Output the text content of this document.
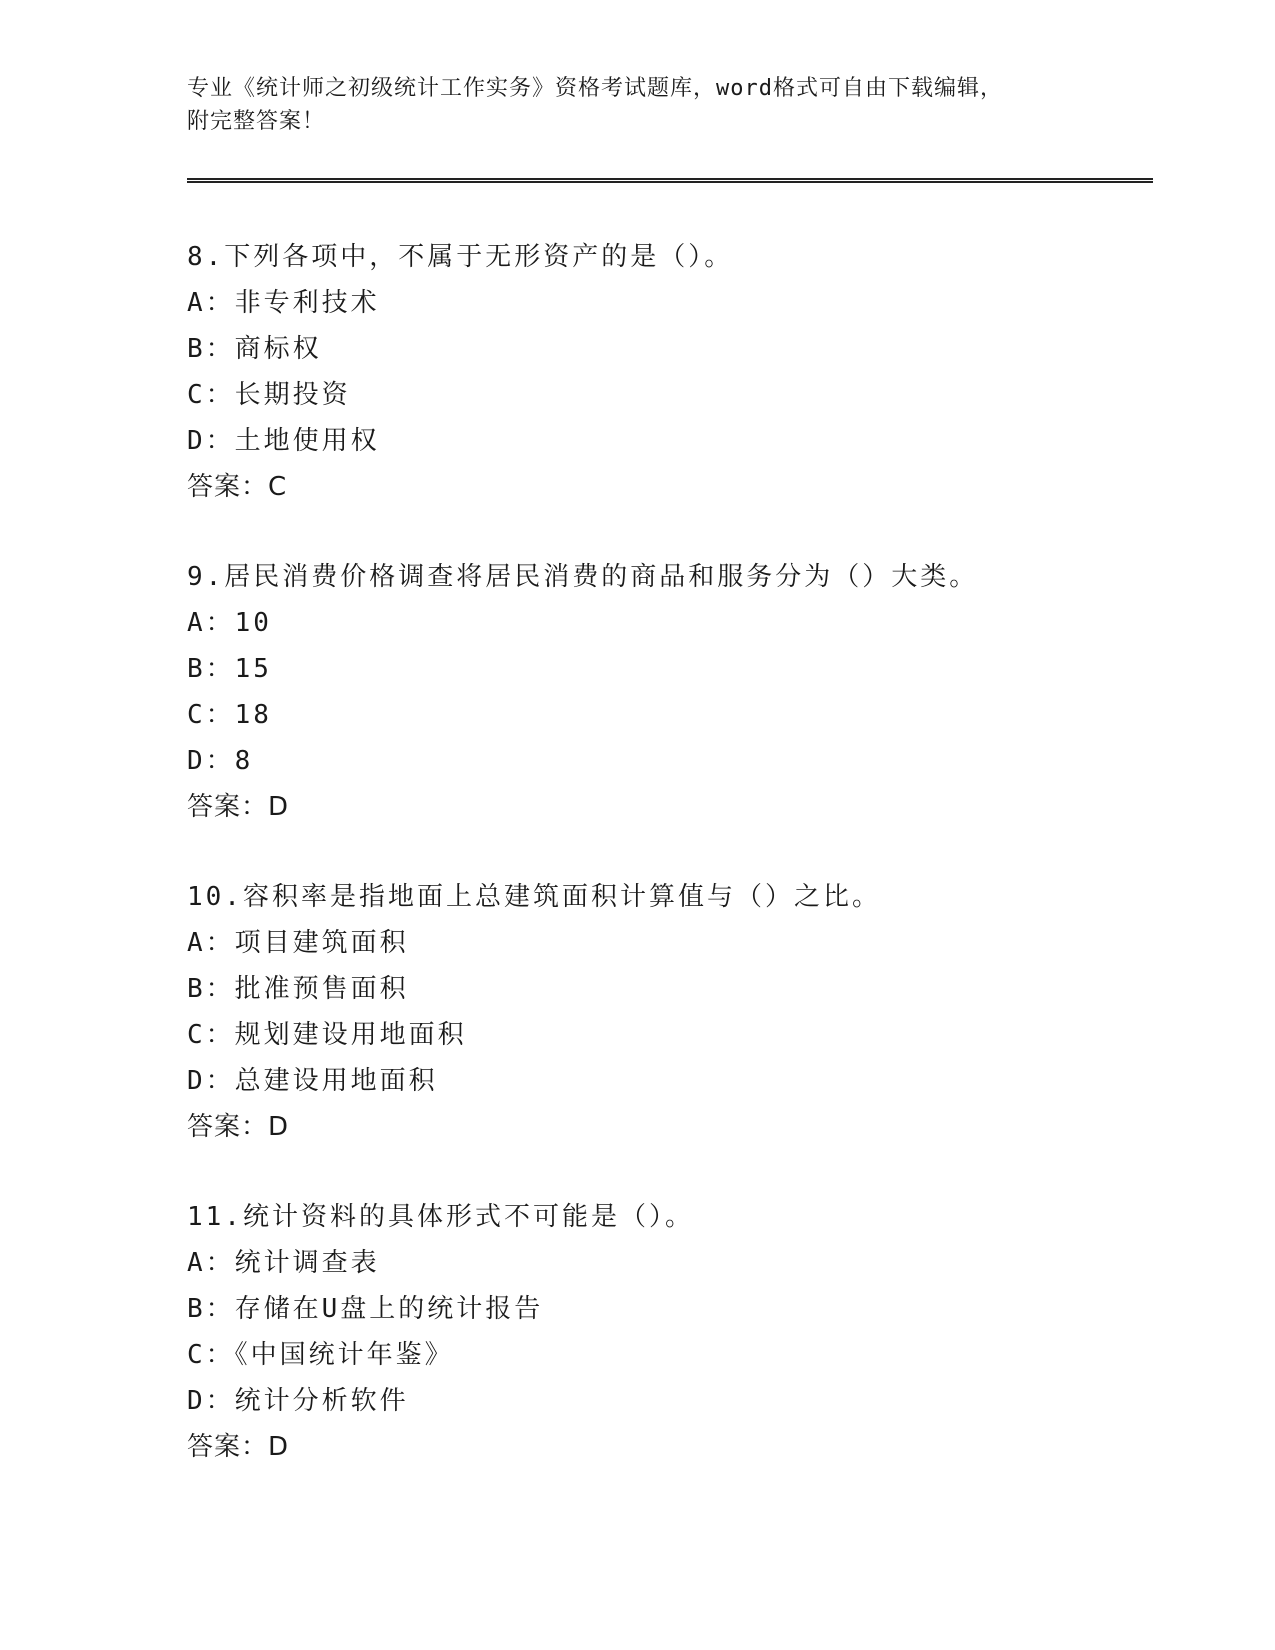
专业《统计师之初级统计工作实务》资格考试题库，word格式可自由下载编辑，
附完整答案！
8.下列各项中，不属于无形资产的是（）。
A：非专利技术
B：商标权
C：长期投资
D：土地使用权
答案：C
9.居民消费价格调查将居民消费的商品和服务分为（）大类。
A：10
B：15
C：18
D：8
答案：D
10.容积率是指地面上总建筑面积计算值与（）之比。
A：项目建筑面积
B：批准预售面积
C：规划建设用地面积
D：总建设用地面积
答案：D
11.统计资料的具体形式不可能是（）。
A：统计调查表
B：存储在U盘上的统计报告
C：《中国统计年鉴》
D：统计分析软件
答案：D
